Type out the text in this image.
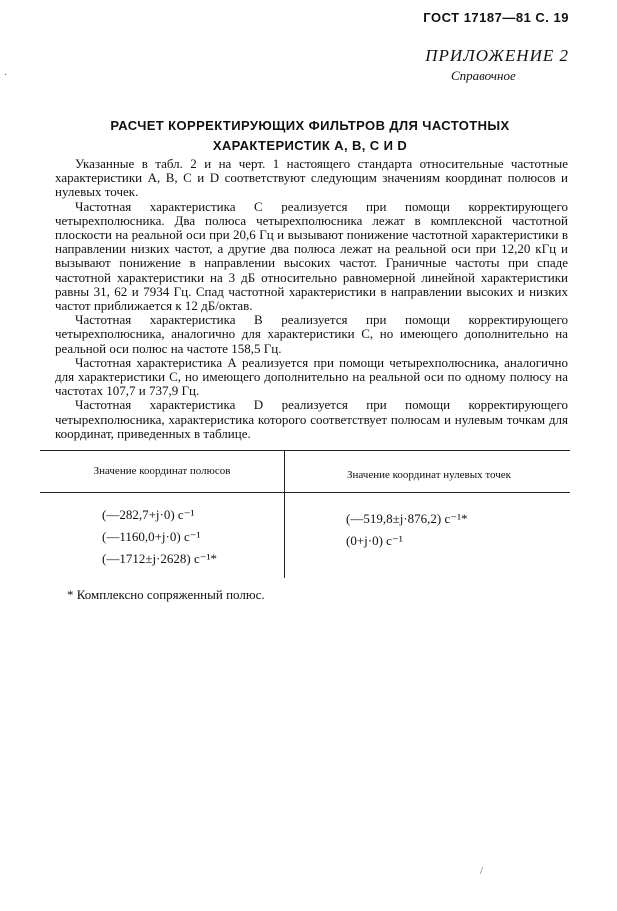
ГОСТ 17187—81 С. 19
ПРИЛОЖЕНИЕ 2
Справочное
РАСЧЕТ КОРРЕКТИРУЮЩИХ ФИЛЬТРОВ ДЛЯ ЧАСТОТНЫХ
ХАРАКТЕРИСТИК А, В, С И D

Указанные в табл. 2 и на черт. 1 настоящего стандарта относительные частотные характеристики А, В, С и D соответствуют следующим значениям координат полюсов и нулевых точек.

Частотная характеристика С реализуется при помощи корректирующего четырехполюсника. Два полюса четырехполюсника лежат в комплексной частотной плоскости на реальной оси при 20,6 Гц и вызывают понижение частотной характеристики в направлении низких частот, а другие два полюса лежат на реальной оси при 12,20 кГц и вызывают понижение в направлении высоких частот. Граничные частоты при спаде частотной характеристики на 3 дБ относительно равномерной линейной характеристики равны 31, 62 и 7934 Гц. Спад частотной характеристики в направлении высоких и низких частот приближается к 12 дБ/октав.

Частотная характеристика В реализуется при помощи корректирующего четырехполюсника, аналогично для характеристики С, но имеющего дополнительно на реальной оси полюс на частоте 158,5 Гц.

Частотная характеристика А реализуется при помощи четырехполюсника, аналогично для характеристики С, но имеющего дополнительно на реальной оси по одному полюсу на частотах 107,7 и 737,9 Гц.

Частотная характеристика D реализуется при помощи корректирующего четырехполюсника, характеристика которого соответствует полюсам и нулевым точкам для координат, приведенных в таблице.

Значение координат полюсов	Значение координат нулевых точек
(—282,7+j·0) с⁻¹
(—1160,0+j·0) с⁻¹
(—1712±j·2628) с⁻¹*
(—519,8±j·876,2) с⁻¹*
(0+j·0) с⁻¹
* Комплексно сопряженный полюс.
·
/
